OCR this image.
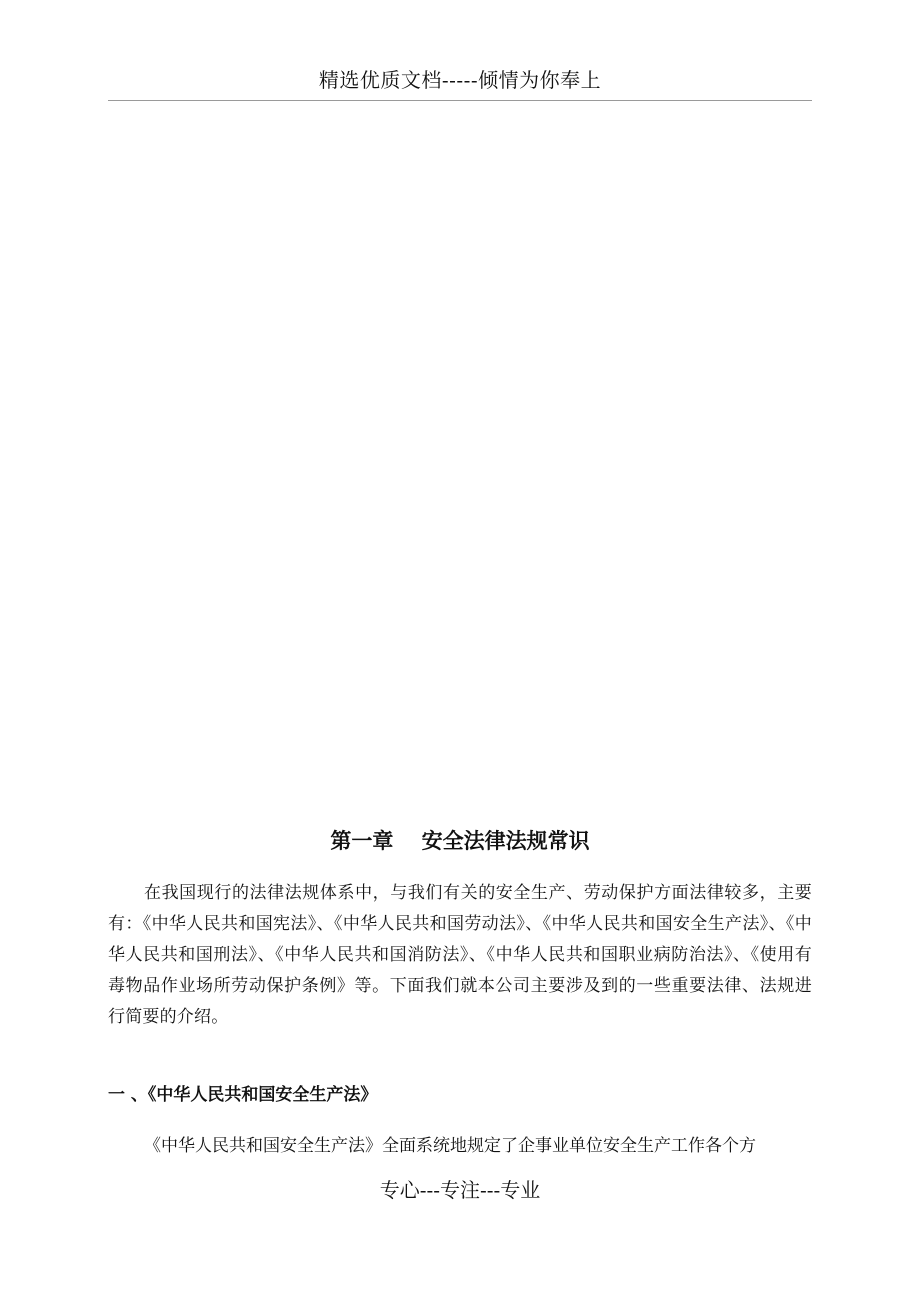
精选优质文档-----倾情为你奉上
第一章　 安全法律法规常识

在我国现行的法律法规体系中，与我们有关的安全生产、劳动保护方面法律较多，主要有：《中华人民共和国宪法》、《中华人民共和国劳动法》、《中华人民共和国安全生产法》、《中华人民共和国刑法》、《中华人民共和国消防法》、《中华人民共和国职业病防治法》、《使用有毒物品作业场所劳动保护条例》等。下面我们就本公司主要涉及到的一些重要法律、法规进行简要的介绍。

一 、《中华人民共和国安全生产法》

《中华人民共和国安全生产法》全面系统地规定了企事业单位安全生产工作各个方

专心---专注---专业
